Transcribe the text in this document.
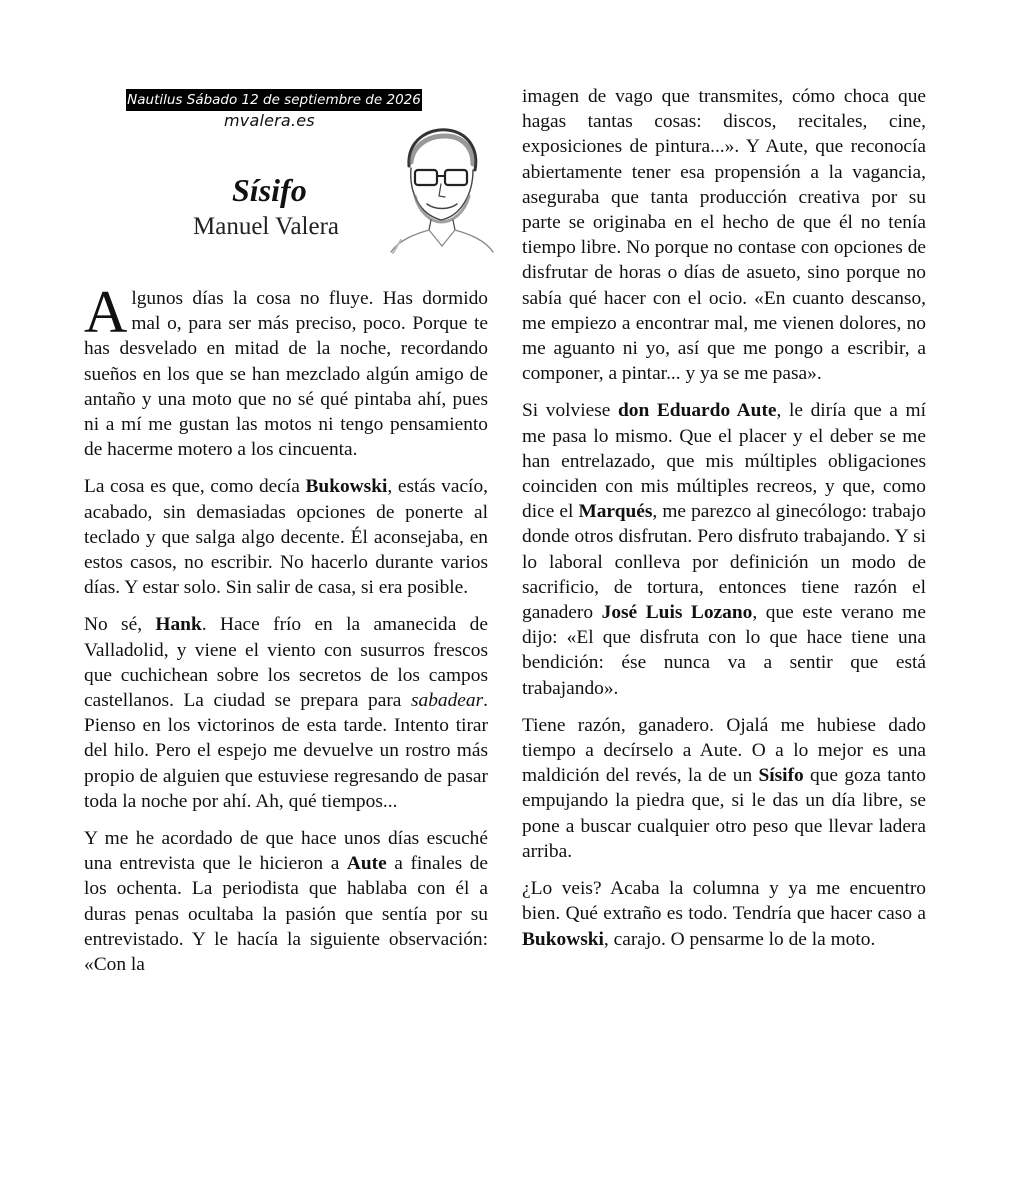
Nautilus Sábado 12 de septiembre de 2026
mvalera.es
Sísifo
Manuel Valera

Algunos días la cosa no fluye. Has dormido mal o, para ser más preciso, poco. Porque te has desvelado en mitad de la noche, recordando sueños en los que se han mezclado algún amigo de antaño y una moto que no sé qué pintaba ahí, pues ni a mí me gustan las motos ni tengo pensamiento de hacerme motero a los cincuenta.

La cosa es que, como decía Bukowski, estás vacío, acabado, sin demasiadas opciones de ponerte al teclado y que salga algo decente. Él aconsejaba, en estos casos, no escribir. No hacerlo durante varios días. Y estar solo. Sin salir de casa, si era posible.

No sé, Hank. Hace frío en la amanecida de Valladolid, y viene el viento con susurros frescos que cuchichean sobre los secretos de los campos castellanos. La ciudad se prepara para sabadear. Pienso en los victorinos de esta tarde. Intento tirar del hilo. Pero el espejo me devuelve un rostro más propio de alguien que estuviese regresando de pasar toda la noche por ahí. Ah, qué tiempos...

Y me he acordado de que hace unos días escuché una entrevista que le hicieron a Aute a finales de los ochenta. La periodista que hablaba con él a duras penas ocultaba la pasión que sentía por su entrevistado. Y le hacía la siguiente observación: «Con la

imagen de vago que transmites, cómo choca que hagas tantas cosas: discos, recitales, cine, exposiciones de pintura...». Y Aute, que reconocía abiertamente tener esa propensión a la vagancia, aseguraba que tanta producción creativa por su parte se originaba en el hecho de que él no tenía tiempo libre. No porque no contase con opciones de disfrutar de horas o días de asueto, sino porque no sabía qué hacer con el ocio. «En cuanto descanso, me empiezo a encontrar mal, me vienen dolores, no me aguanto ni yo, así que me pongo a escribir, a componer, a pintar... y ya se me pasa».

Si volviese don Eduardo Aute, le diría que a mí me pasa lo mismo. Que el placer y el deber se me han entrelazado, que mis múltiples obligaciones coinciden con mis múltiples recreos, y que, como dice el Marqués, me parezco al ginecólogo: trabajo donde otros disfrutan. Pero disfruto trabajando. Y si lo laboral conlleva por definición un modo de sacrificio, de tortura, entonces tiene razón el ganadero José Luis Lozano, que este verano me dijo: «El que disfruta con lo que hace tiene una bendición: ése nunca va a sentir que está trabajando».

Tiene razón, ganadero. Ojalá me hubiese dado tiempo a decírselo a Aute. O a lo mejor es una maldición del revés, la de un Sísifo que goza tanto empujando la piedra que, si le das un día libre, se pone a buscar cualquier otro peso que llevar ladera arriba.

¿Lo veis? Acaba la columna y ya me encuentro bien. Qué extraño es todo. Tendría que hacer caso a Bukowski, carajo. O pensarme lo de la moto.
